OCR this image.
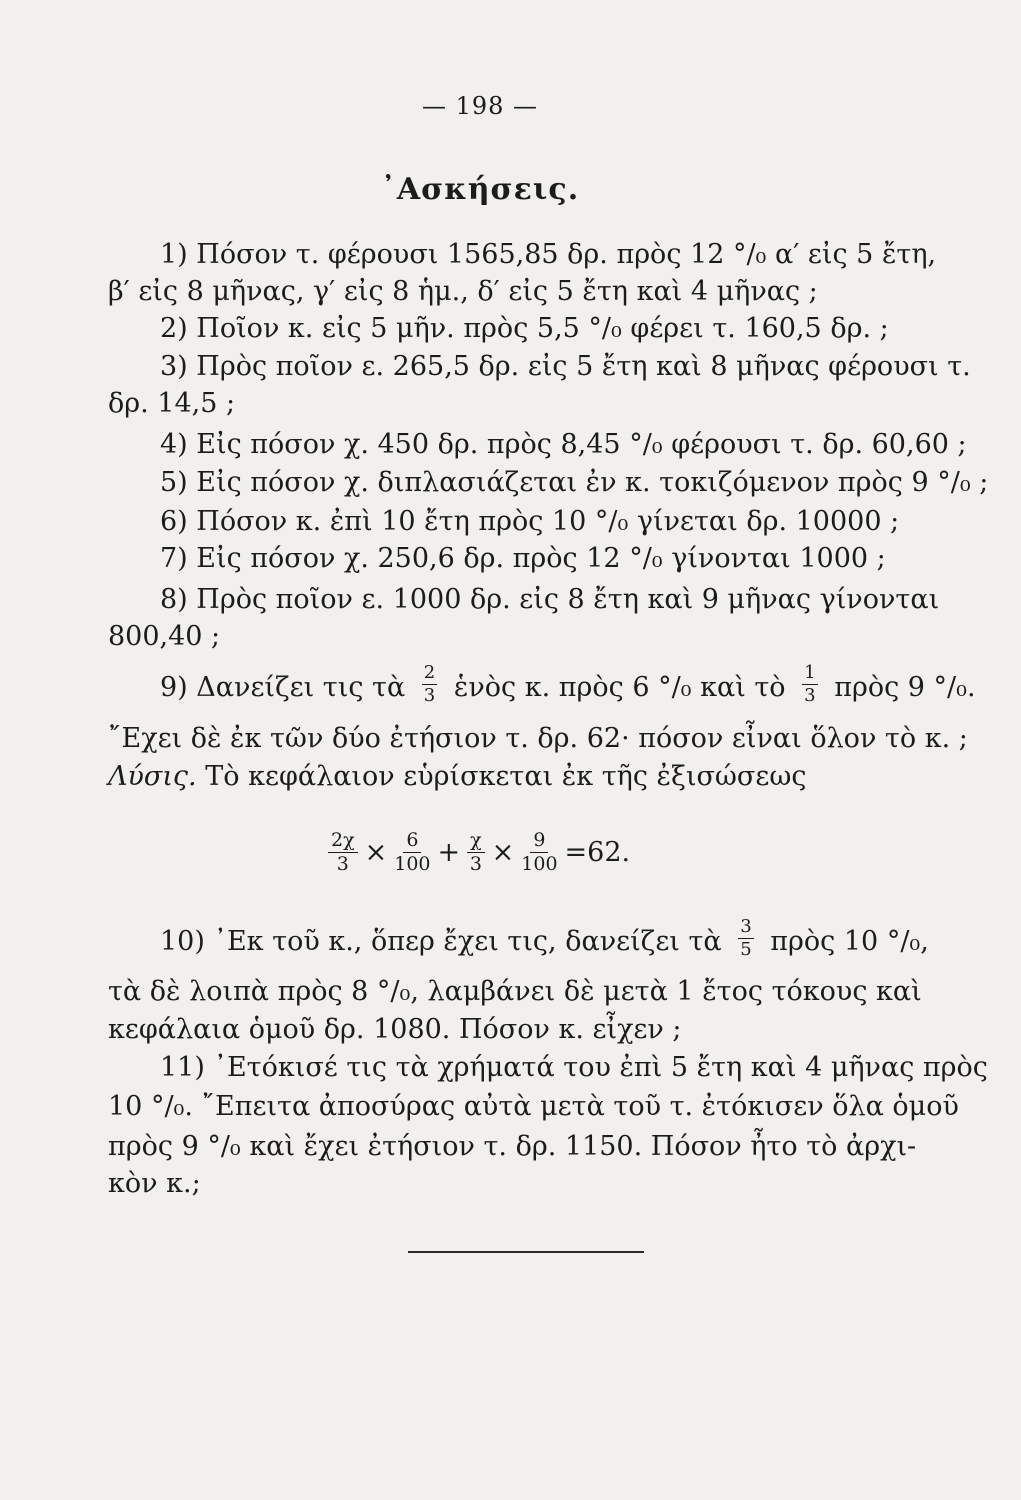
— 198 —
᾿Ασκήσεις.
1) Πόσον τ. φέρουσι 1565,85 δρ. πρὸς 12 °/₀ α′ εἰς 5 ἔτη,
β′ εἰς 8 μῆνας, γ′ εἰς 8 ἡμ., δ′ εἰς 5 ἔτη καὶ 4 μῆνας ;
2) Ποῖον κ. εἰς 5 μῆν. πρὸς 5,5 °/₀ φέρει τ. 160,5 δρ. ;
3) Πρὸς ποῖον ε. 265,5 δρ. εἰς 5 ἔτη καὶ 8 μῆνας φέρουσι τ.
δρ. 14,5 ;
4) Εἰς πόσον χ. 450 δρ. πρὸς 8,45 °/₀ φέρουσι τ. δρ. 60,60 ;
5) Εἰς πόσον χ. διπλασιάζεται ἐν κ. τοκιζόμενον πρὸς 9 °/₀ ;
6) Πόσον κ. ἐπὶ 10 ἔτη πρὸς 10 °/₀ γίνεται δρ. 10000 ;
7) Εἰς πόσον χ. 250,6 δρ. πρὸς 12 °/₀ γίνονται 1000 ;
8) Πρὸς ποῖον ε. 1000 δρ. εἰς 8 ἔτη καὶ 9 μῆνας γίνονται
800,40 ;
9) Δανείζει τις τὰ $\frac{2}{3}$ ἑνὸς κ. πρὸς 6 °/₀ καὶ τὸ $\frac{1}{3}$ πρὸς 9 °/₀.
῎Εχει δὲ ἐκ τῶν δύο ἐτήσιον τ. δρ. 62· πόσον εἶναι ὅλον τὸ κ. ;
Λύσις. Τὸ κεφάλαιον εὑρίσκεται ἐκ τῆς ἐξισώσεως
$\frac{2\chi}{3} \times \frac{6}{100} + \frac{\chi}{3} \times \frac{9}{100} =62$.
10) ᾿Εκ τοῦ κ., ὅπερ ἔχει τις, δανείζει τὰ $\frac{3}{5}$ πρὸς 10 °/₀,
τὰ δὲ λοιπὰ πρὸς 8 °/₀, λαμβάνει δὲ μετὰ 1 ἔτος τόκους καὶ
κεφάλαια ὁμοῦ δρ. 1080. Πόσον κ. εἶχεν ;
11) ᾿Ετόκισέ τις τὰ χρήματά του ἐπὶ 5 ἔτη καὶ 4 μῆνας πρὸς
10 °/₀. ῎Επειτα ἀποσύρας αὐτὰ μετὰ τοῦ τ. ἐτόκισεν ὅλα ὁμοῦ
πρὸς 9 °/₀ καὶ ἔχει ἐτήσιον τ. δρ. 1150. Πόσον ἦτο τὸ ἀρχι-
κὸν κ.;
